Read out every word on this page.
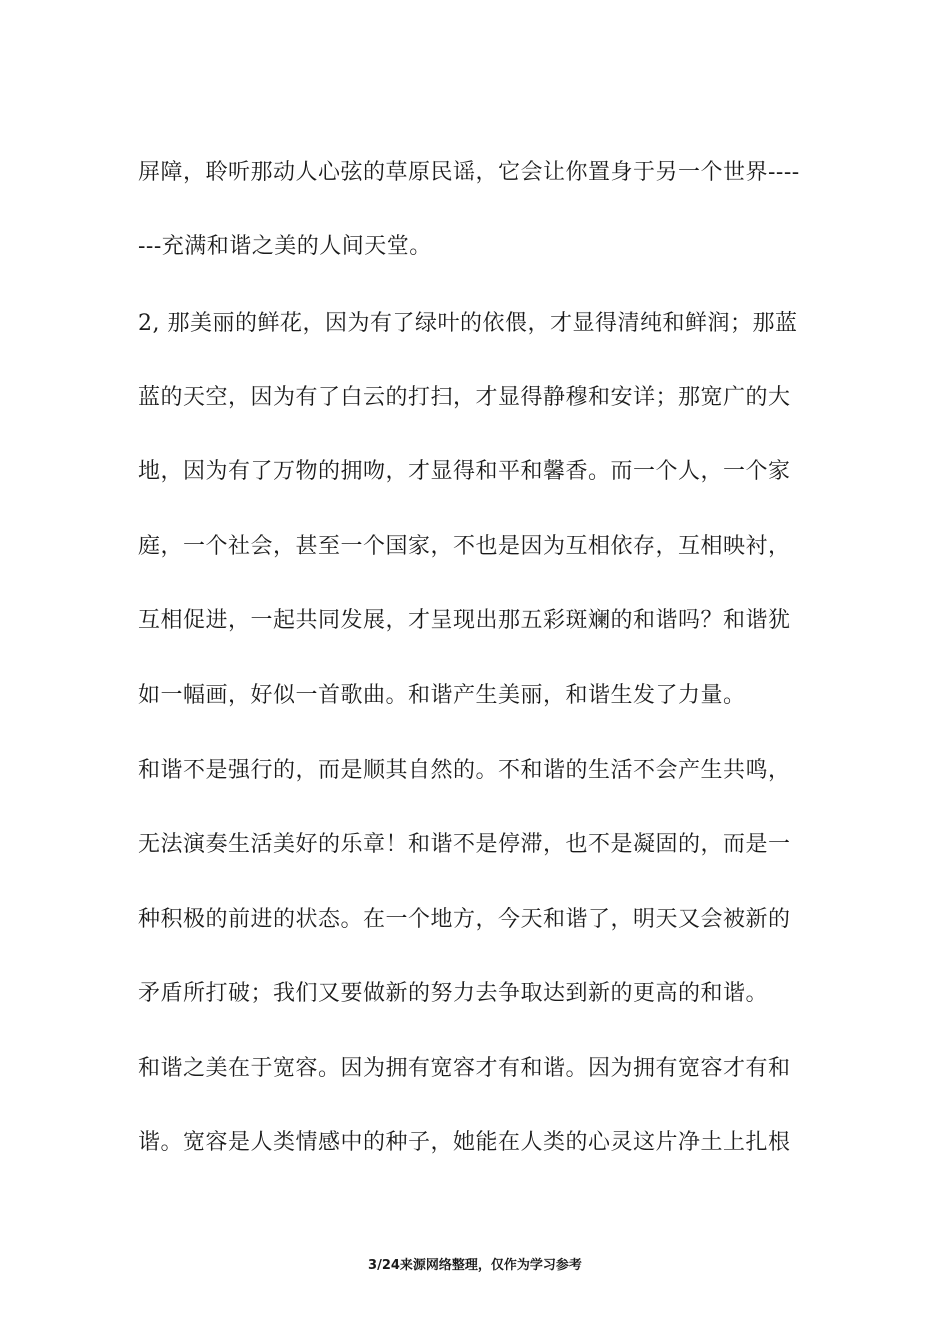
屏障，聆听那动人心弦的草原民谣，它会让你置身于另一个世界----
---充满和谐之美的人间天堂。
2, 那美丽的鲜花，因为有了绿叶的依偎，才显得清纯和鲜润；那蓝
蓝的天空，因为有了白云的打扫，才显得静穆和安详；那宽广的大
地，因为有了万物的拥吻，才显得和平和馨香。而一个人，一个家
庭，一个社会，甚至一个国家，不也是因为互相依存，互相映衬，
互相促进，一起共同发展，才呈现出那五彩斑斓的和谐吗？和谐犹
如一幅画，好似一首歌曲。和谐产生美丽，和谐生发了力量。
和谐不是强行的，而是顺其自然的。不和谐的生活不会产生共鸣，
无法演奏生活美好的乐章！和谐不是停滞，也不是凝固的，而是一
种积极的前进的状态。在一个地方，今天和谐了，明天又会被新的
矛盾所打破；我们又要做新的努力去争取达到新的更高的和谐。
和谐之美在于宽容。因为拥有宽容才有和谐。因为拥有宽容才有和
谐。宽容是人类情感中的种子，她能在人类的心灵这片净土上扎根
3/24来源网络整理，仅作为学习参考
